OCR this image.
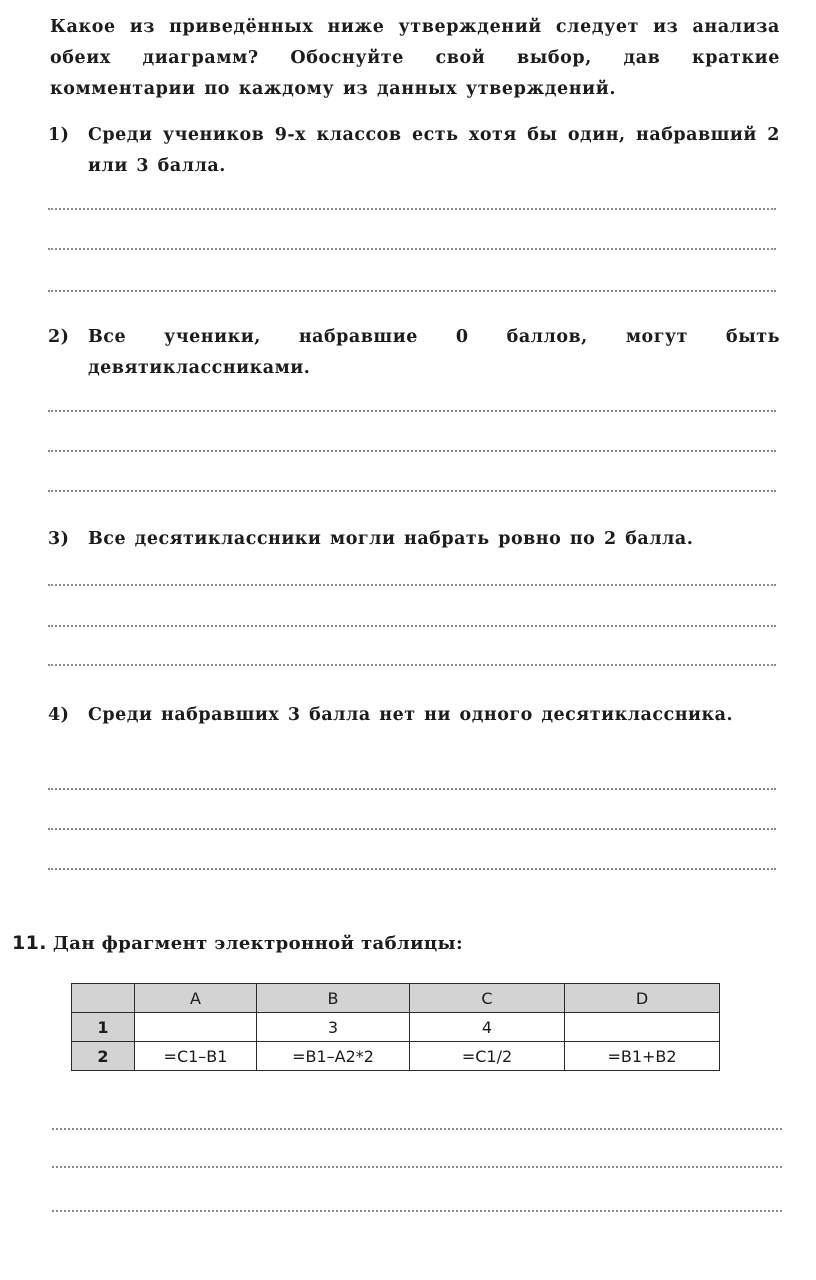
Какое из приведённых ниже утверждений следует из анализа обеих диаграмм? Обоснуйте свой выбор, дав краткие комментарии по каждому из данных утверждений.
1) Среди учеников 9-х классов есть хотя бы один, набравший 2 или 3 балла.
2) Все ученики, набравшие 0 баллов, могут быть девятиклассниками.
3) Все десятиклассники могли набрать ровно по 2 балла.
4) Среди набравших 3 балла нет ни одного десятиклассника.
11. Дан фрагмент электронной таблицы:
	A	B	C	D
1		3	4	
2	=C1–B1	=B1–A2*2	=C1/2	=B1+B2
